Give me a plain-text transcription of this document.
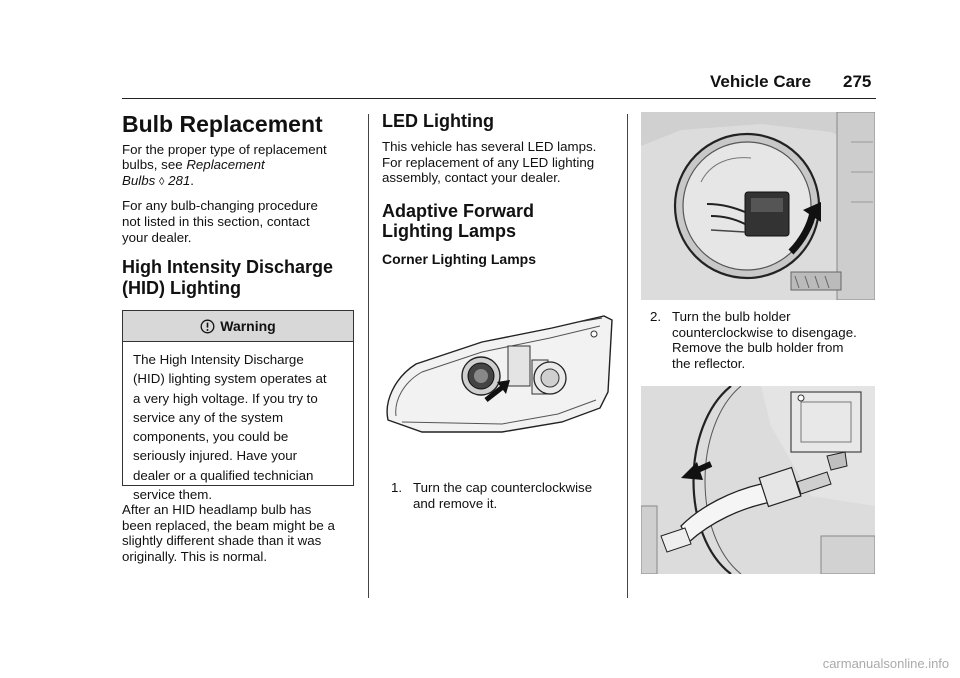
Vehicle Care 275
Bulb Replacement

For the proper type of replacement

bulbs, see Replacement

Bulbs ◊ 281.

For any bulb-changing procedure

not listed in this section, contact

your dealer.

High Intensity Discharge
(HID) Lighting
Warning
The High Intensity Discharge
(HID) lighting system operates at
a very high voltage. If you try to
service any of the system
components, you could be
seriously injured. Have your
dealer or a qualified technician
service them.

After an HID headlamp bulb has

been replaced, the beam might be a

slightly different shade than it was

originally. This is normal.

LED Lighting

This vehicle has several LED lamps.

For replacement of any LED lighting

assembly, contact your dealer.

Adaptive Forward
Lighting Lamps
Corner Lighting Lamps
1. Turn the cap counterclockwise
and remove it.
2. Turn the bulb holder
counterclockwise to disengage.
Remove the bulb holder from
the reflector.
carmanualsonline.info
